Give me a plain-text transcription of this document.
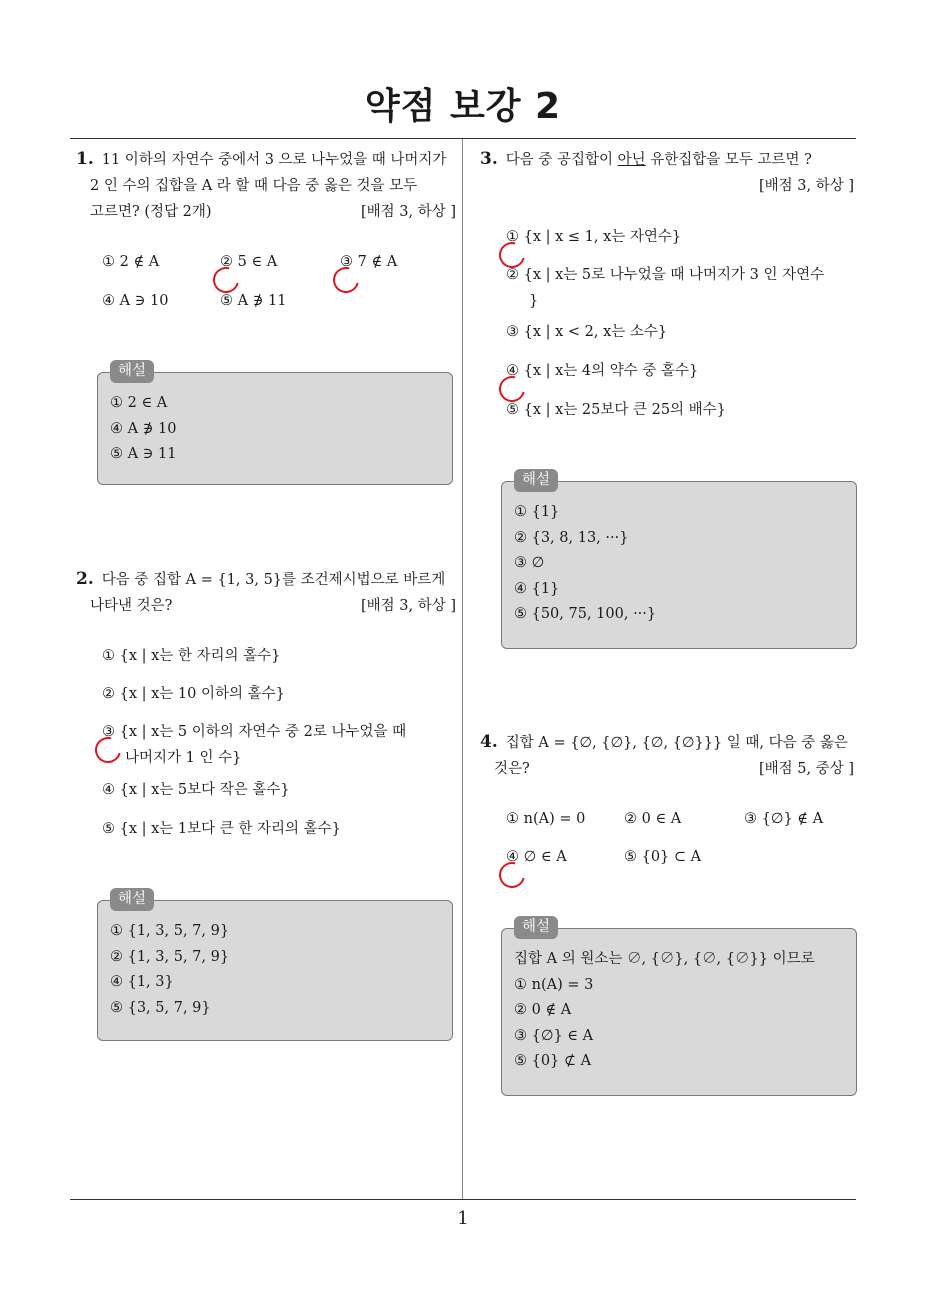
약점 보강 2
1. 11 이하의 자연수 중에서 3 으로 나누었을 때 나머지가
2 인 수의 집합을 A 라 할 때 다음 중 옳은 것을 모두
고르면? (정답 2개)	[배점 3, 하상 ]
① 2 ∉ A	② 5 ∈ A	③ 7 ∉ A
④ A ∋ 10	⑤ A ∌ 11
해설
① 2 ∈ A
④ A ∌ 10
⑤ A ∋ 11
2. 다음 중 집합 A = {1, 3, 5}를 조건제시법으로 바르게
나타낸 것은?	[배점 3, 하상 ]
① {x | x는 한 자리의 홀수}
② {x | x는 10 이하의 홀수}
③ {x | x는 5 이하의 자연수 중 2로 나누었을 때
나머지가 1 인 수}
④ {x | x는 5보다 작은 홀수}
⑤ {x | x는 1보다 큰 한 자리의 홀수}
해설
① {1, 3, 5, 7, 9}
② {1, 3, 5, 7, 9}
④ {1, 3}
⑤ {3, 5, 7, 9}
3. 다음 중 공집합이 아닌 유한집합을 모두 고르면 ?
[배점 3, 하상 ]
① {x | x ≤ 1, x는 자연수}
② {x | x는 5로 나누었을 때 나머지가 3 인 자연수
}
③ {x | x < 2, x는 소수}
④ {x | x는 4의 약수 중 홀수}
⑤ {x | x는 25보다 큰 25의 배수}
해설
① {1}
② {3, 8, 13, ···}
③ ∅
④ {1}
⑤ {50, 75, 100, ···}
4. 집합 A = {∅, {∅}, {∅, {∅}}} 일 때, 다음 중 옳은
것은?	[배점 5, 중상 ]
① n(A) = 0	② 0 ∈ A	③ {∅} ∉ A
④ ∅ ∈ A	⑤ {0} ⊂ A
해설
집합 A 의 원소는 ∅, {∅}, {∅, {∅}} 이므로
① n(A) = 3
② 0 ∉ A
③ {∅} ∈ A
⑤ {0} ⊄ A
1
